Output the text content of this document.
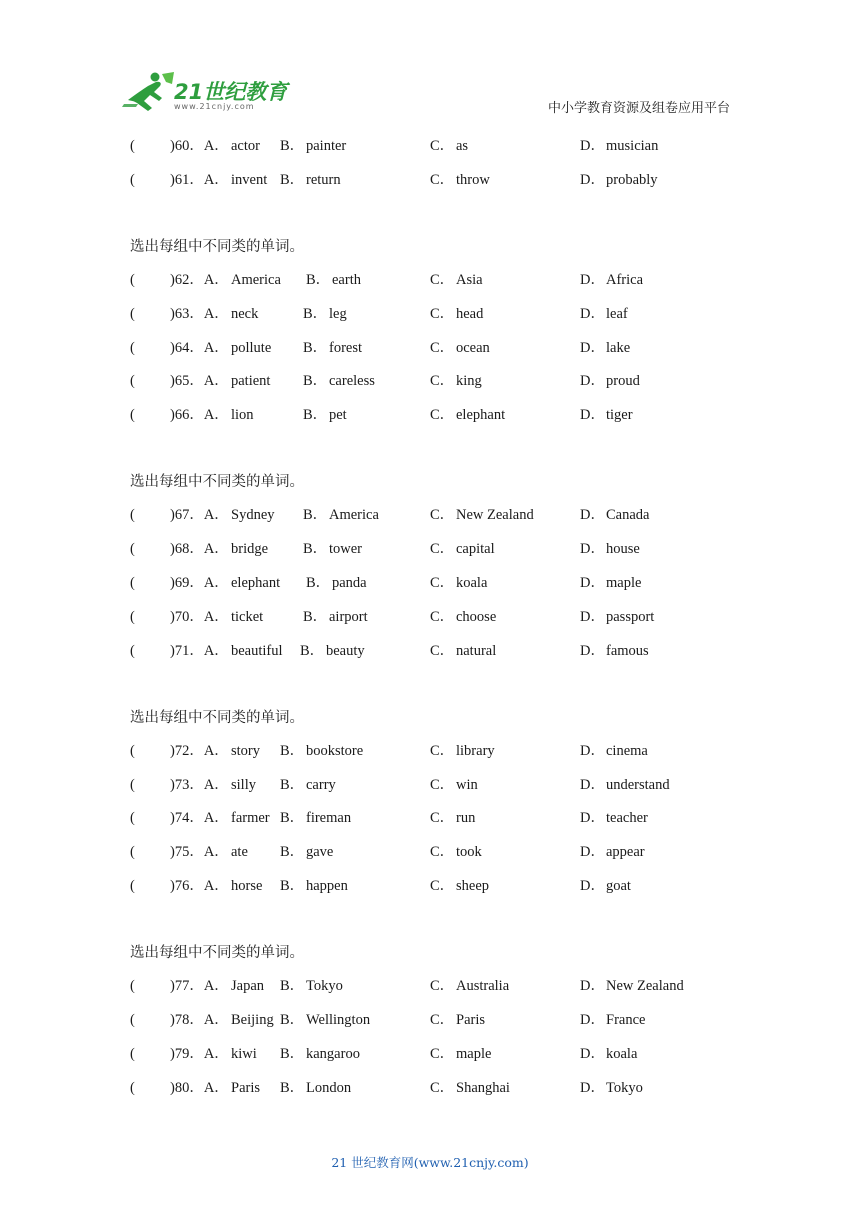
21世纪教育
www.21cnjy.com	中小学教育资源及组卷应用平台
( )60．A． actor B． painter	C． as	D．musician
( )61．A． invent B． return	C． throw	D．probably
选出每组中不同类的单词。
( )62．A． America B． earth	C． Asia	D．Africa
( )63．A． neck	B． leg	C． head	D．leaf
( )64．A． pollute B． forest	C． ocean	D．lake
( )65．A． patient B． careless	C． king	D．proud
( )66．A． lion	B． pet	C． elephant	D．tiger
选出每组中不同类的单词。
( )67．A． Sydney B． America	C． New Zealand	D．Canada
( )68．A． bridge B． tower	C． capital	D．house
( )69．A． elephant B． panda	C． koala	D．maple
( )70．A． ticket	B． airport	C． choose	D．passport
( )71．A． beautiful B． beauty	C． natural	D．famous
选出每组中不同类的单词。
( )72．A． story B． bookstore	C． library	D．cinema
( )73．A． silly B． carry	C． win	D．understand
( )74．A． farmer B． fireman	C． run	D．teacher
( )75．A． ate B． gave	C． took	D．appear
( )76．A． horse B． happen	C． sheep	D．goat
选出每组中不同类的单词。
( )77．A． Japan B． Tokyo	C． Australia	D．New Zealand
( )78．A． Beijing B． Wellington	C． Paris	D．France
( )79．A． kiwi B． kangaroo	C． maple	D．koala
( )80．A． Paris B． London	C． Shanghai	D．Tokyo
21 世纪教育网(www.21cnjy.com)
